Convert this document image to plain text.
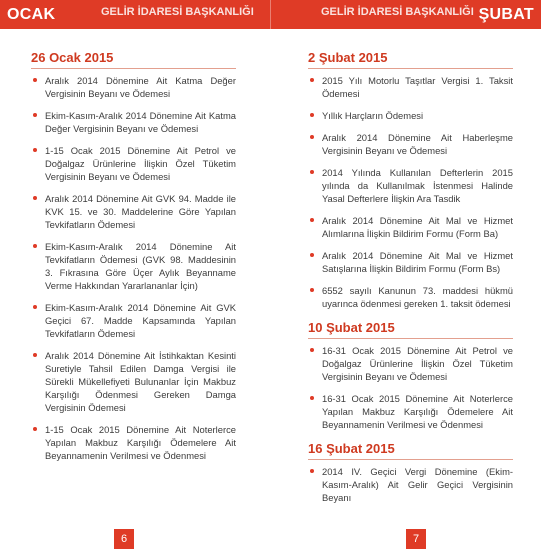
OCAK	GELİR İDARESİ BAŞKANLIĞI	GELİR İDARESİ BAŞKANLIĞI ŞUBAT
26 Ocak 2015
Aralık 2014 Dönemine Ait Katma Değer Vergisinin Beyanı ve Ödemesi
Ekim-Kasım-Aralık 2014 Dönemine Ait Katma Değer Vergisinin Beyanı ve Ödemesi
1-15 Ocak 2015 Dönemine Ait Petrol ve Doğalgaz Ürünlerine İlişkin Özel Tüketim Vergisinin Beyanı ve Ödemesi
Aralık 2014 Dönemine Ait GVK 94. Madde ile KVK 15. ve 30. Maddelerine Göre Yapılan Tevkifatların Ödemesi
Ekim-Kasım-Aralık 2014 Dönemine Ait Tevkifatların Ödemesi (GVK 98. Maddesinin 3. Fıkrasına Göre Üçer Aylık Beyanname Verme Hakkından Yararlananlar İçin)
Ekim-Kasım-Aralık 2014 Dönemine Ait GVK Geçici 67. Madde Kapsamında Yapılan Tevkifatların Ödemesi
Aralık 2014 Dönemine Ait İstihkaktan Kesinti Suretiyle Tahsil Edilen Damga Vergisi ile Sürekli Mükellefiyeti Bulunanlar İçin Makbuz Karşılığı Ödenmesi Gereken Damga Vergisinin Ödemesi
1-15 Ocak 2015 Dönemine Ait Noterlerce Yapılan Makbuz Karşılığı Ödemelere Ait Beyannamenin Verilmesi ve Ödenmesi
2 Şubat 2015
2015 Yılı Motorlu Taşıtlar Vergisi 1. Taksit Ödemesi
Yıllık Harçların Ödemesi
Aralık 2014 Dönemine Ait Haberleşme Vergisinin Beyanı ve Ödemesi
2014 Yılında Kullanılan Defterlerin 2015 yılında da Kullanılmak İstenmesi Halinde Yasal Defterlere İlişkin Ara Tasdik
Aralık 2014 Dönemine Ait Mal ve Hizmet Alımlarına İlişkin Bildirim Formu (Form Ba)
Aralık 2014 Dönemine Ait Mal ve Hizmet Satışlarına İlişkin Bildirim Formu (Form Bs)
6552 sayılı Kanunun 73. maddesi hükmü uyarınca ödenmesi gereken 1. taksit ödemesi
10 Şubat 2015
16-31 Ocak 2015 Dönemine Ait Petrol ve Doğalgaz Ürünlerine İlişkin Özel Tüketim Vergisinin Beyanı ve Ödemesi
16-31 Ocak 2015 Dönemine Ait Noterlerce Yapılan Makbuz Karşılığı Ödemelere Ait Beyannamenin Verilmesi ve Ödenmesi
16 Şubat 2015
2014 IV. Geçici Vergi Dönemine (Ekim-Kasım-Aralık) Ait Gelir Geçici Vergisinin Beyanı
6	7
